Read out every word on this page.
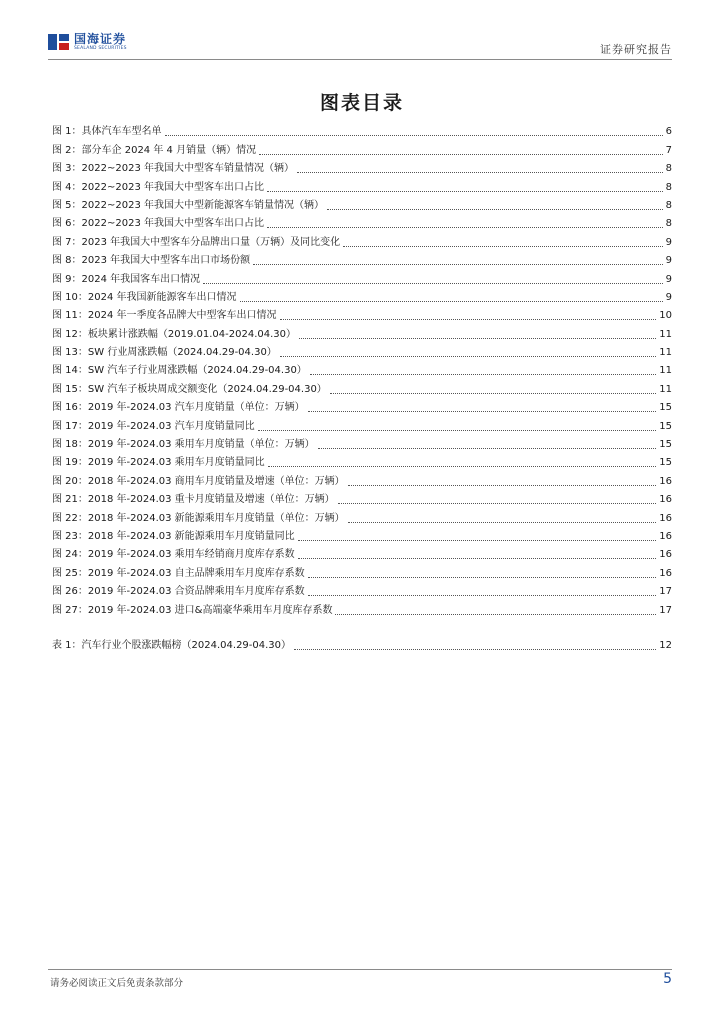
国海证券
SEALAND SECURITIES	证券研究报告
图表目录
图 1：具体汽车车型名单	6
图 2：部分车企 2024 年 4 月销量（辆）情况	7
图 3：2022~2023 年我国大中型客车销量情况（辆）	8
图 4：2022~2023 年我国大中型客车出口占比	8
图 5：2022~2023 年我国大中型新能源客车销量情况（辆）	8
图 6：2022~2023 年我国大中型客车出口占比	8
图 7：2023 年我国大中型客车分品牌出口量（万辆）及同比变化	9
图 8：2023 年我国大中型客车出口市场份额	9
图 9：2024 年我国客车出口情况	9
图 10：2024 年我国新能源客车出口情况	9
图 11：2024 年一季度各品牌大中型客车出口情况	10
图 12：板块累计涨跌幅（2019.01.04-2024.04.30）	11
图 13：SW 行业周涨跌幅（2024.04.29-04.30）	11
图 14：SW 汽车子行业周涨跌幅（2024.04.29-04.30）	11
图 15：SW 汽车子板块周成交额变化（2024.04.29-04.30）	11
图 16：2019 年-2024.03 汽车月度销量（单位：万辆）	15
图 17：2019 年-2024.03 汽车月度销量同比	15
图 18：2019 年-2024.03 乘用车月度销量（单位：万辆）	15
图 19：2019 年-2024.03 乘用车月度销量同比	15
图 20：2018 年-2024.03 商用车月度销量及增速（单位：万辆）	16
图 21：2018 年-2024.03 重卡月度销量及增速（单位：万辆）	16
图 22：2018 年-2024.03 新能源乘用车月度销量（单位：万辆）	16
图 23：2018 年-2024.03 新能源乘用车月度销量同比	16
图 24：2019 年-2024.03 乘用车经销商月度库存系数	16
图 25：2019 年-2024.03 自主品牌乘用车月度库存系数	16
图 26：2019 年-2024.03 合资品牌乘用车月度库存系数	17
图 27：2019 年-2024.03 进口&高端豪华乘用车月度库存系数	17
表 1：汽车行业个股涨跌幅榜（2024.04.29-04.30）	12
请务必阅读正文后免责条款部分	5
